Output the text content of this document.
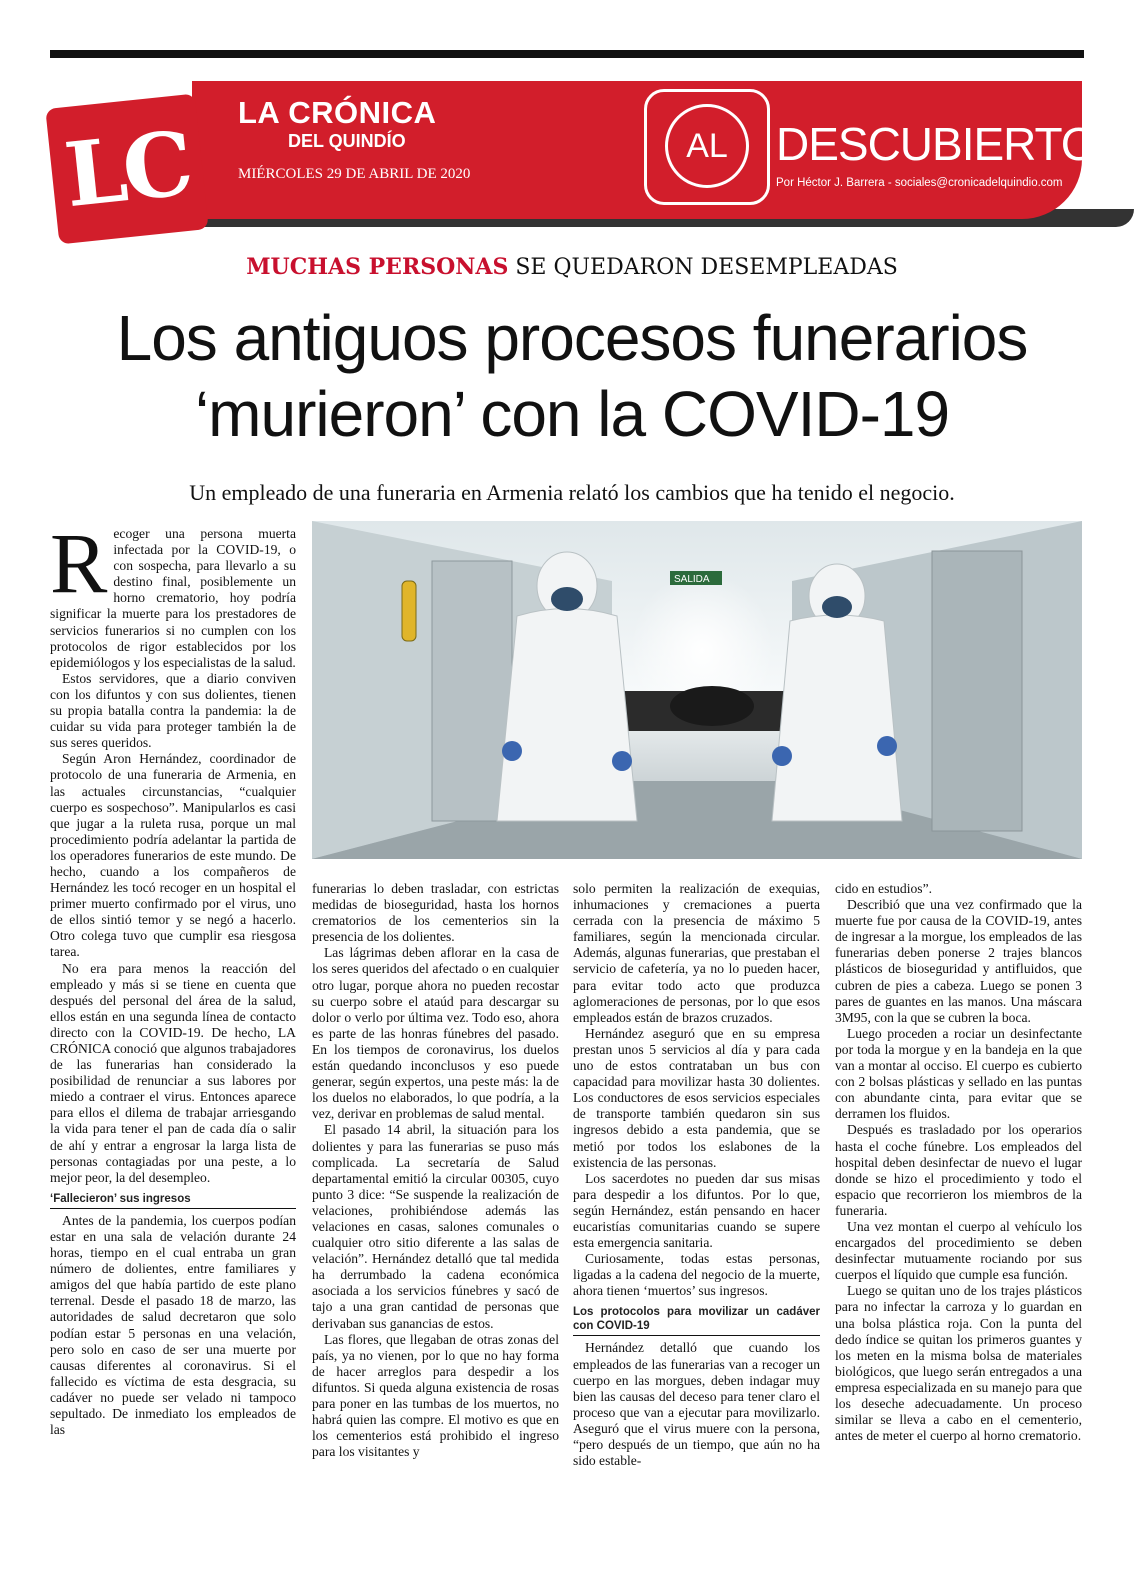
LC LA CRÓNICA
DEL QUINDÍO
MIÉRCOLES 29 DE ABRIL DE 2020
AL	DESCUBIERTO
Por Héctor J. Barrera - sociales@cronicadelquindio.com
MUCHAS PERSONAS SE QUEDARON DESEMPLEADAS
Los antiguos procesos funerarios
‘murieron’ con la COVID-19
Un empleado de una funeraria en Armenia relató los cambios que ha tenido el negocio.
SALIDA

Recoger una persona muerta infectada por la COVID-19, o con sospecha, para llevarlo a su destino final, posiblemente un horno crematorio, hoy podría significar la muerte para los prestadores de servicios funerarios si no cumplen con los protocolos de rigor establecidos por los epidemiólogos y los especialistas de la salud.

Estos servidores, que a diario conviven con los difuntos y con sus dolientes, tienen su propia batalla contra la pandemia: la de cuidar su vida para proteger también la de sus seres queridos.

Según Aron Hernández, coordinador de protocolo de una funeraria de Armenia, en las actuales circunstancias, “cualquier cuerpo es sospechoso”. Manipularlos es casi que jugar a la ruleta rusa, porque un mal procedimiento podría adelantar la partida de los operadores funerarios de este mundo. De hecho, cuando a los compañeros de Hernández les tocó recoger en un hospital el primer muerto confirmado por el virus, uno de ellos sintió temor y se negó a hacerlo. Otro colega tuvo que cumplir esa riesgosa tarea.

No era para menos la reacción del empleado y más si se tiene en cuenta que después del personal del área de la salud, ellos están en una segunda línea de contacto directo con la COVID-19. De hecho, LA CRÓNICA conoció que algunos trabajadores de las funerarias han considerado la posibilidad de renunciar a sus labores por miedo a contraer el virus. Entonces aparece para ellos el dilema de trabajar arriesgando la vida para tener el pan de cada día o salir de ahí y entrar a engrosar la larga lista de personas contagiadas por una peste, a lo mejor peor, la del desempleo.

‘Fallecieron’ sus ingresos

Antes de la pandemia, los cuerpos podían estar en una sala de velación durante 24 horas, tiempo en el cual entraba un gran número de dolientes, entre familiares y amigos del que había partido de este plano terrenal. Desde el pasado 18 de marzo, las autoridades de salud decretaron que solo podían estar 5 personas en una velación, pero solo en caso de ser una muerte por causas diferentes al coronavirus. Si el fallecido es víctima de esta desgracia, su cadáver no puede ser velado ni tampoco sepultado. De inmediato los empleados de las

funerarias lo deben trasladar, con estrictas medidas de bioseguridad, hasta los hornos crematorios de los cementerios sin la presencia de los dolientes.

Las lágrimas deben aflorar en la casa de los seres queridos del afectado o en cualquier otro lugar, porque ahora no pueden recostar su cuerpo sobre el ataúd para descargar su dolor o verlo por última vez. Todo eso, ahora es parte de las honras fúnebres del pasado. En los tiempos de coronavirus, los duelos están quedando inconclusos y eso puede generar, según expertos, una peste más: la de los duelos no elaborados, lo que podría, a la vez, derivar en problemas de salud mental.

El pasado 14 abril, la situación para los dolientes y para las funerarias se puso más complicada. La secretaría de Salud departamental emitió la circular 00305, cuyo punto 3 dice: “Se suspende la realización de velaciones, prohibiéndose además las velaciones en casas, salones comunales o cualquier otro sitio diferente a las salas de velación”. Hernández detalló que tal medida ha derrumbado la cadena económica asociada a los servicios fúnebres y sacó de tajo a una gran cantidad de personas que derivaban sus ganancias de estos.

Las flores, que llegaban de otras zonas del país, ya no vienen, por lo que no hay forma de hacer arreglos para despedir a los difuntos. Si queda alguna existencia de rosas para poner en las tumbas de los muertos, no habrá quien las compre. El motivo es que en los cementerios está prohibido el ingreso para los visitantes y

solo permiten la realización de exequias, inhumaciones y cremaciones a puerta cerrada con la presencia de máximo 5 familiares, según la mencionada circular. Además, algunas funerarias, que prestaban el servicio de cafetería, ya no lo pueden hacer, para evitar todo acto que produzca aglomeraciones de personas, por lo que esos empleados están de brazos cruzados.

Hernández aseguró que en su empresa prestan unos 5 servicios al día y para cada uno de estos contrataban un bus con capacidad para movilizar hasta 30 dolientes. Los conductores de esos servicios especiales de transporte también quedaron sin sus ingresos debido a esta pandemia, que se metió por todos los eslabones de la existencia de las personas.

Los sacerdotes no pueden dar sus misas para despedir a los difuntos. Por lo que, según Hernández, están pensando en hacer eucaristías comunitarias cuando se supere esta emergencia sanitaria.

Curiosamente, todas estas personas, ligadas a la cadena del negocio de la muerte, ahora tienen ‘muertos’ sus ingresos.

Los protocolos para movilizar un cadáver con COVID-19

Hernández detalló que cuando los empleados de las funerarias van a recoger un cuerpo en las morgues, deben indagar muy bien las causas del deceso para tener claro el proceso que van a ejecutar para movilizarlo. Aseguró que el virus muere con la persona, “pero después de un tiempo, que aún no ha sido estable-

cido en estudios”.

Describió que una vez confirmado que la muerte fue por causa de la COVID-19, antes de ingresar a la morgue, los empleados de las funerarias deben ponerse 2 trajes blancos plásticos de bioseguridad y antifluidos, que cubren de pies a cabeza. Luego se ponen 3 pares de guantes en las manos. Una máscara 3M95, con la que se cubren la boca.

Luego proceden a rociar un desinfectante por toda la morgue y en la bandeja en la que van a montar al occiso. El cuerpo es cubierto con 2 bolsas plásticas y sellado en las puntas con abundante cinta, para evitar que se derramen los fluidos.

Después es trasladado por los operarios hasta el coche fúnebre. Los empleados del hospital deben desinfectar de nuevo el lugar donde se hizo el procedimiento y todo el espacio que recorrieron los miembros de la funeraria.

Una vez montan el cuerpo al vehículo los encargados del procedimiento se deben desinfectar mutuamente rociando por sus cuerpos el líquido que cumple esa función.

Luego se quitan uno de los trajes plásticos para no infectar la carroza y lo guardan en una bolsa plástica roja. Con la punta del dedo índice se quitan los primeros guantes y los meten en la misma bolsa de materiales biológicos, que luego serán entregados a una empresa especializada en su manejo para que los deseche adecuadamente. Un proceso similar se lleva a cabo en el cementerio, antes de meter el cuerpo al horno crematorio.
